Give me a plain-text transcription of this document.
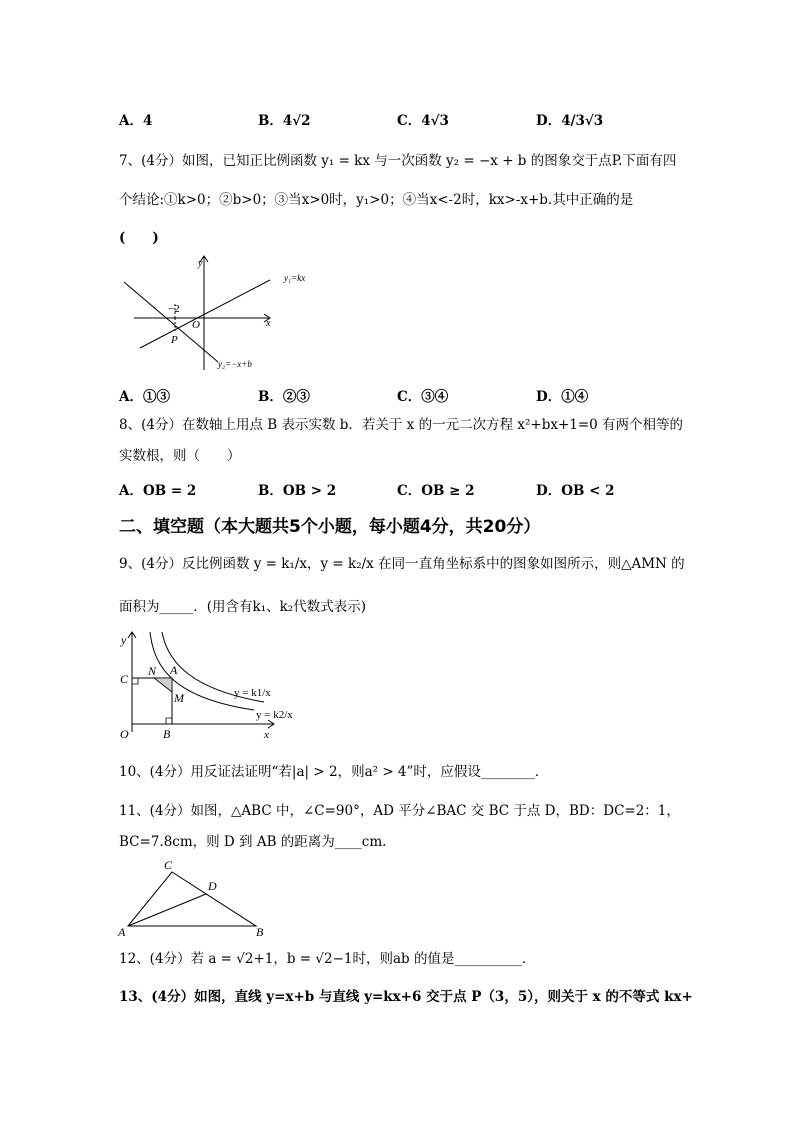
A．4	B．4√2	C．4√3	D．4/3√3
7、(4分）如图，已知正比例函数 y₁ = kx 与一次函数 y₂ = −x + b 的图象交于点P.下面有四
个结论:①k>0；②b>0；③当x>0时，y₁>0；④当x<-2时，kx>-x+b.其中正确的是
(　　)
y
x
O
−2
P
y₁=kx
y₂=−x+b
A．①③	B．②③	C．③④	D．①④
8、(4分）在数轴上用点 B 表示实数 b．若关于 x 的一元二次方程 x²+bx+1=0 有两个相等的
实数根，则（　　）
A．OB = 2	B．OB > 2	C．OB ≥ 2	D．OB < 2
二、填空题（本大题共5个小题，每小题4分，共20分）
9、(4分）反比例函数 y = k₁/x，y = k₂/x 在同一直角坐标系中的图象如图所示，则△AMN 的
面积为_____．(用含有k₁、k₂代数式表示)
y
x
O
C
N A
M
B
y = k1/x
y = k2/x
10、(4分）用反证法证明“若|a| > 2，则a² > 4”时，应假设________．
11、(4分）如图，△ABC 中，∠C=90°，AD 平分∠BAC 交 BC 于点 D，BD：DC=2：1，
BC=7.8cm，则 D 到 AB 的距离为____cm.
C
D
A	B
12、(4分）若 a = √2+1，b = √2−1时，则ab 的值是__________．
13、(4分）如图，直线 y=x+b 与直线 y=kx+6 交于点 P（3，5），则关于 x 的不等式 kx+
